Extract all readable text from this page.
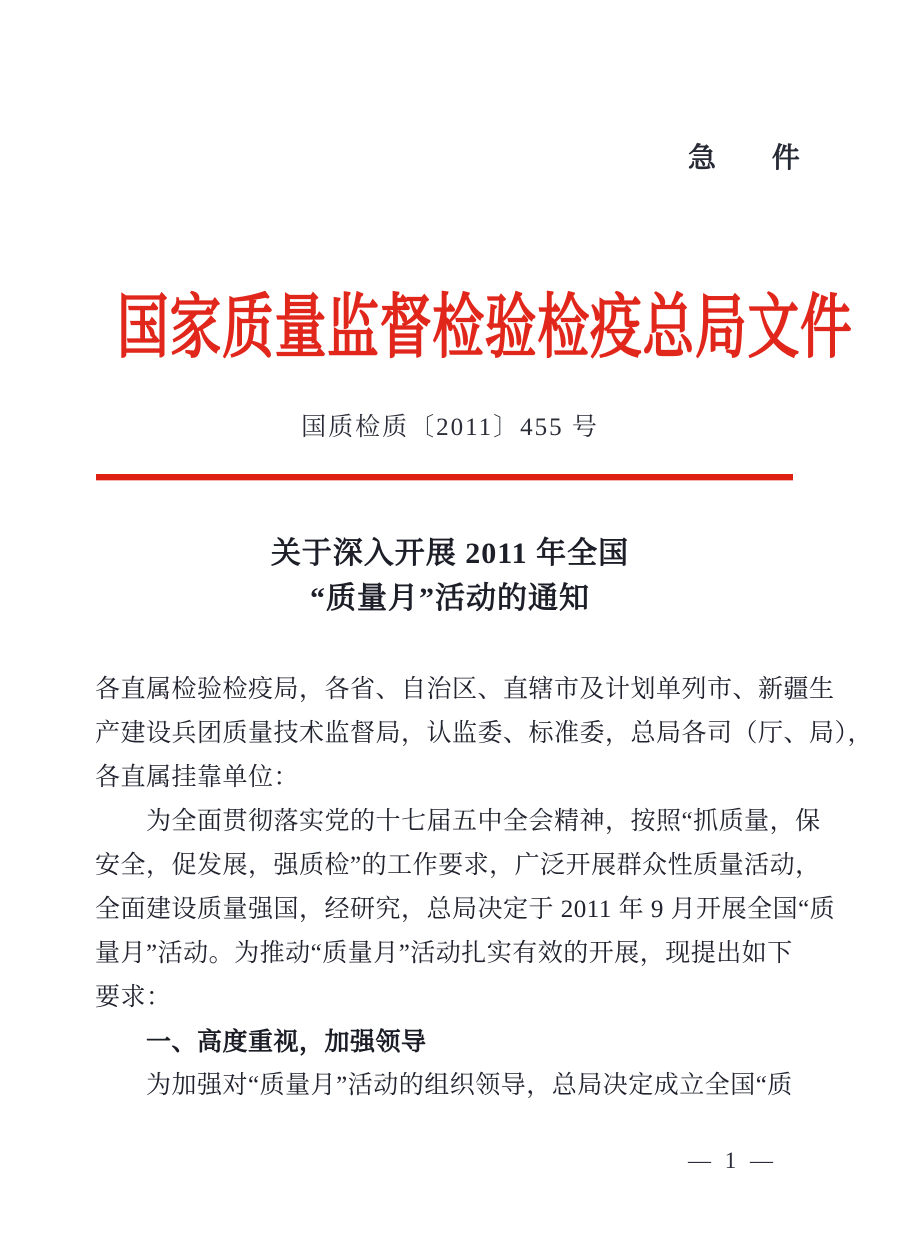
急 件
国家质量监督检验检疫总局文件
国质检质〔2011〕455 号
关于深入开展 2011 年全国
“质量月”活动的通知
各直属检验检疫局，各省、自治区、直辖市及计划单列市、新疆生
产建设兵团质量技术监督局，认监委、标准委，总局各司（厅、局），
各直属挂靠单位：
为全面贯彻落实党的十七届五中全会精神，按照“抓质量，保
安全，促发展，强质检”的工作要求，广泛开展群众性质量活动，
全面建设质量强国，经研究，总局决定于 2011 年 9 月开展全国“质
量月”活动。为推动“质量月”活动扎实有效的开展，现提出如下
要求：
一、高度重视，加强领导
为加强对“质量月”活动的组织领导，总局决定成立全国“质
— 1 —
